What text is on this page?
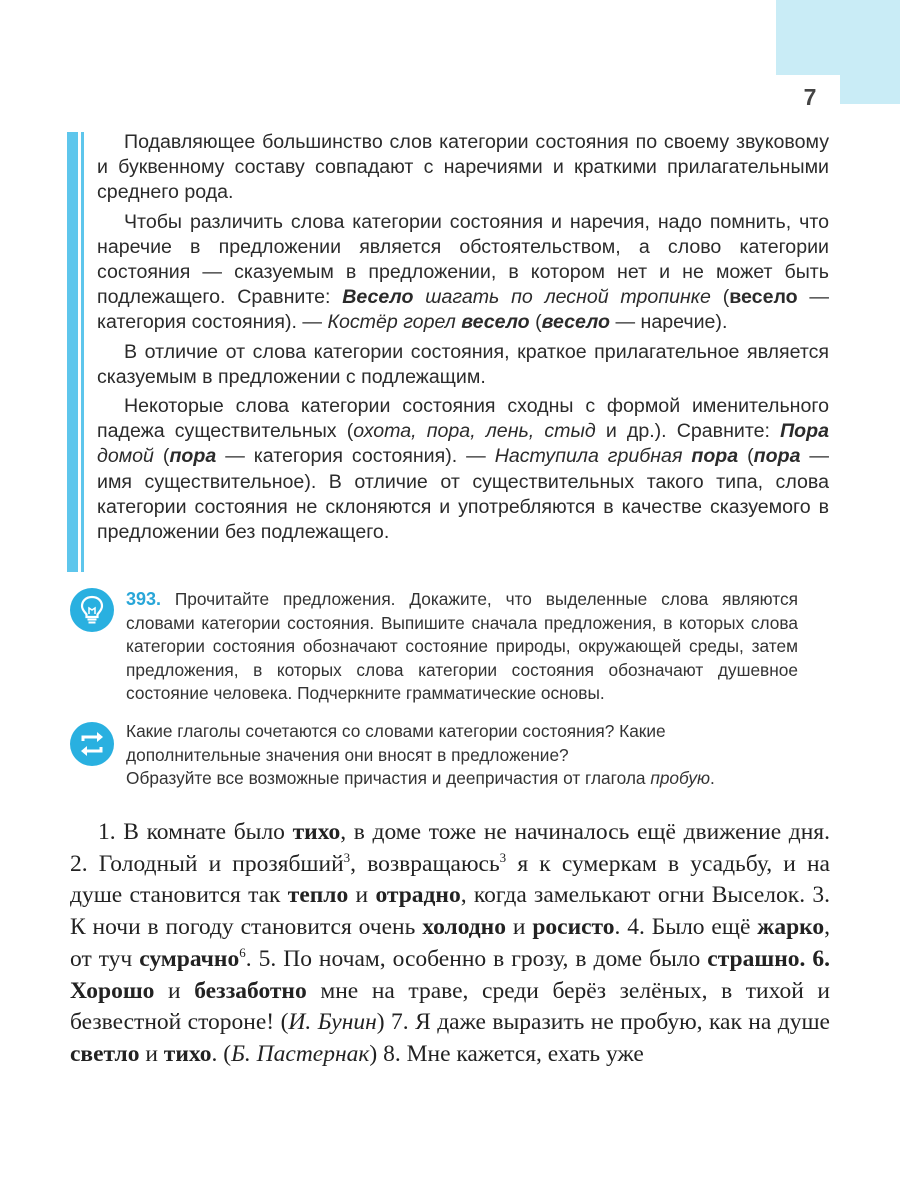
7

Подавляющее большинство слов категории состояния по своему звуковому и буквенному составу совпадают с наречиями и краткими прилагательными среднего рода.

Чтобы различить слова категории состояния и наречия, надо помнить, что наречие в предложении является обстоятельством, а слово категории состояния — сказуемым в предложении, в котором нет и не может быть подлежащего. Сравните: Весело шагать по лесной тропинке (весело — категория состояния). — Костёр горел весело (весело — наречие).

В отличие от слова категории состояния, краткое прилагательное является сказуемым в предложении с подлежащим.

Некоторые слова категории состояния сходны с формой именительного падежа существительных (охота, пора, лень, стыд и др.). Сравните: Пора домой (пора — категория состояния). — Наступила грибная пора (пора — имя существительное). В отличие от существительных такого типа, слова категории состояния не склоняются и употребляются в качестве сказуемого в предложении без подлежащего.

393. Прочитайте предложения. Докажите, что выделенные слова являются словами категории состояния. Выпишите сначала предложения, в которых слова категории состояния обозначают состояние природы, окружающей среды, затем предложения, в которых слова категории состояния обозначают душевное состояние человека. Подчеркните грамматические основы.
Какие глаголы сочетаются со словами категории состояния? Какие дополнительные значения они вносят в предложение?
Образуйте все возможные причастия и деепричастия от глагола пробую.

1. В комнате было тихо, в доме тоже не начиналось ещё движение дня. 2. Голодный и прозябший$^3$, возвращаюсь$^3$ я к сумеркам в усадьбу, и на душе становится так тепло и отрадно, когда замелькают огни Выселок. 3. К ночи в погоду становится очень холодно и росисто. 4. Было ещё жарко, от туч сумрачно$^6$. 5. По ночам, особенно в грозу, в доме было страшно. 6. Хорошо и беззаботно мне на траве, среди берёз зелёных, в тихой и безвестной стороне! (И. Бунин) 7. Я даже выразить не пробую, как на душе светло и тихо. (Б. Пастернак) 8. Мне кажется, ехать уже
